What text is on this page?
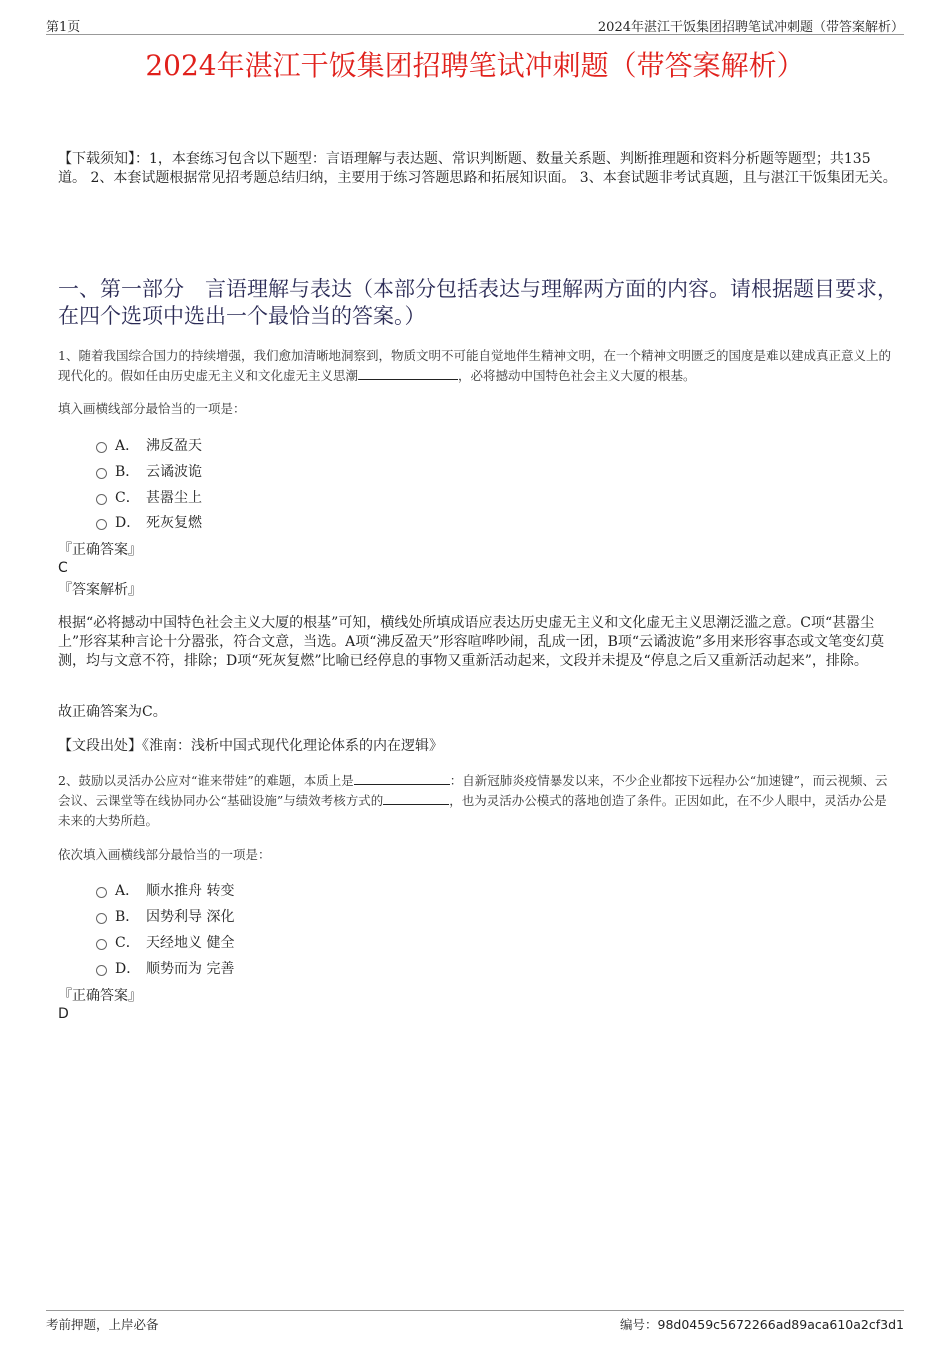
第1页	2024年湛江干饭集团招聘笔试冲刺题（带答案解析）
2024年湛江干饭集团招聘笔试冲刺题（带答案解析）
【下载须知】：1，本套练习包含以下题型：言语理解与表达题、常识判断题、数量关系题、判断推理题和资料分析题等题型；共135道。 2、本套试题根据常见招考题总结归纳，主要用于练习答题思路和拓展知识面。 3、本套试题非考试真题，且与湛江干饭集团无关。
一、第一部分　言语理解与表达（本部分包括表达与理解两方面的内容。请根据题目要求，在四个选项中选出一个最恰当的答案。）
1、随着我国综合国力的持续增强，我们愈加清晰地洞察到，物质文明不可能自觉地伴生精神文明，在一个精神文明匮乏的国度是难以建成真正意义上的现代化的。假如任由历史虚无主义和文化虚无主义思潮	，必将撼动中国特色社会主义大厦的根基。
填入画横线部分最恰当的一项是：
A． 沸反盈天
B． 云谲波诡
C． 甚嚣尘上
D． 死灰复燃
『正确答案』
C
『答案解析』
根据“必将撼动中国特色社会主义大厦的根基”可知，横线处所填成语应表达历史虚无主义和文化虚无主义思潮泛滥之意。C项“甚嚣尘上”形容某种言论十分嚣张，符合文意，当选。A项“沸反盈天”形容喧哗吵闹，乱成一团，B项“云谲波诡”多用来形容事态或文笔变幻莫测，均与文意不符，排除；D项“死灰复燃”比喻已经停息的事物又重新活动起来，文段并未提及“停息之后又重新活动起来”，排除。
故正确答案为C。
【文段出处】《淮南：浅析中国式现代化理论体系的内在逻辑》
2、鼓励以灵活办公应对“谁来带娃”的难题，本质上是	：自新冠肺炎疫情暴发以来，不少企业都按下远程办公“加速键”，而云视频、云会议、云课堂等在线协同办公“基础设施”与绩效考核方式的	，也为灵活办公模式的落地创造了条件。正因如此，在不少人眼中，灵活办公是未来的大势所趋。
依次填入画横线部分最恰当的一项是：
A． 顺水推舟 转变
B． 因势利导 深化
C． 天经地义 健全
D． 顺势而为 完善
『正确答案』
D
考前押题，上岸必备	编号：98d0459c5672266ad89aca610a2cf3d1
